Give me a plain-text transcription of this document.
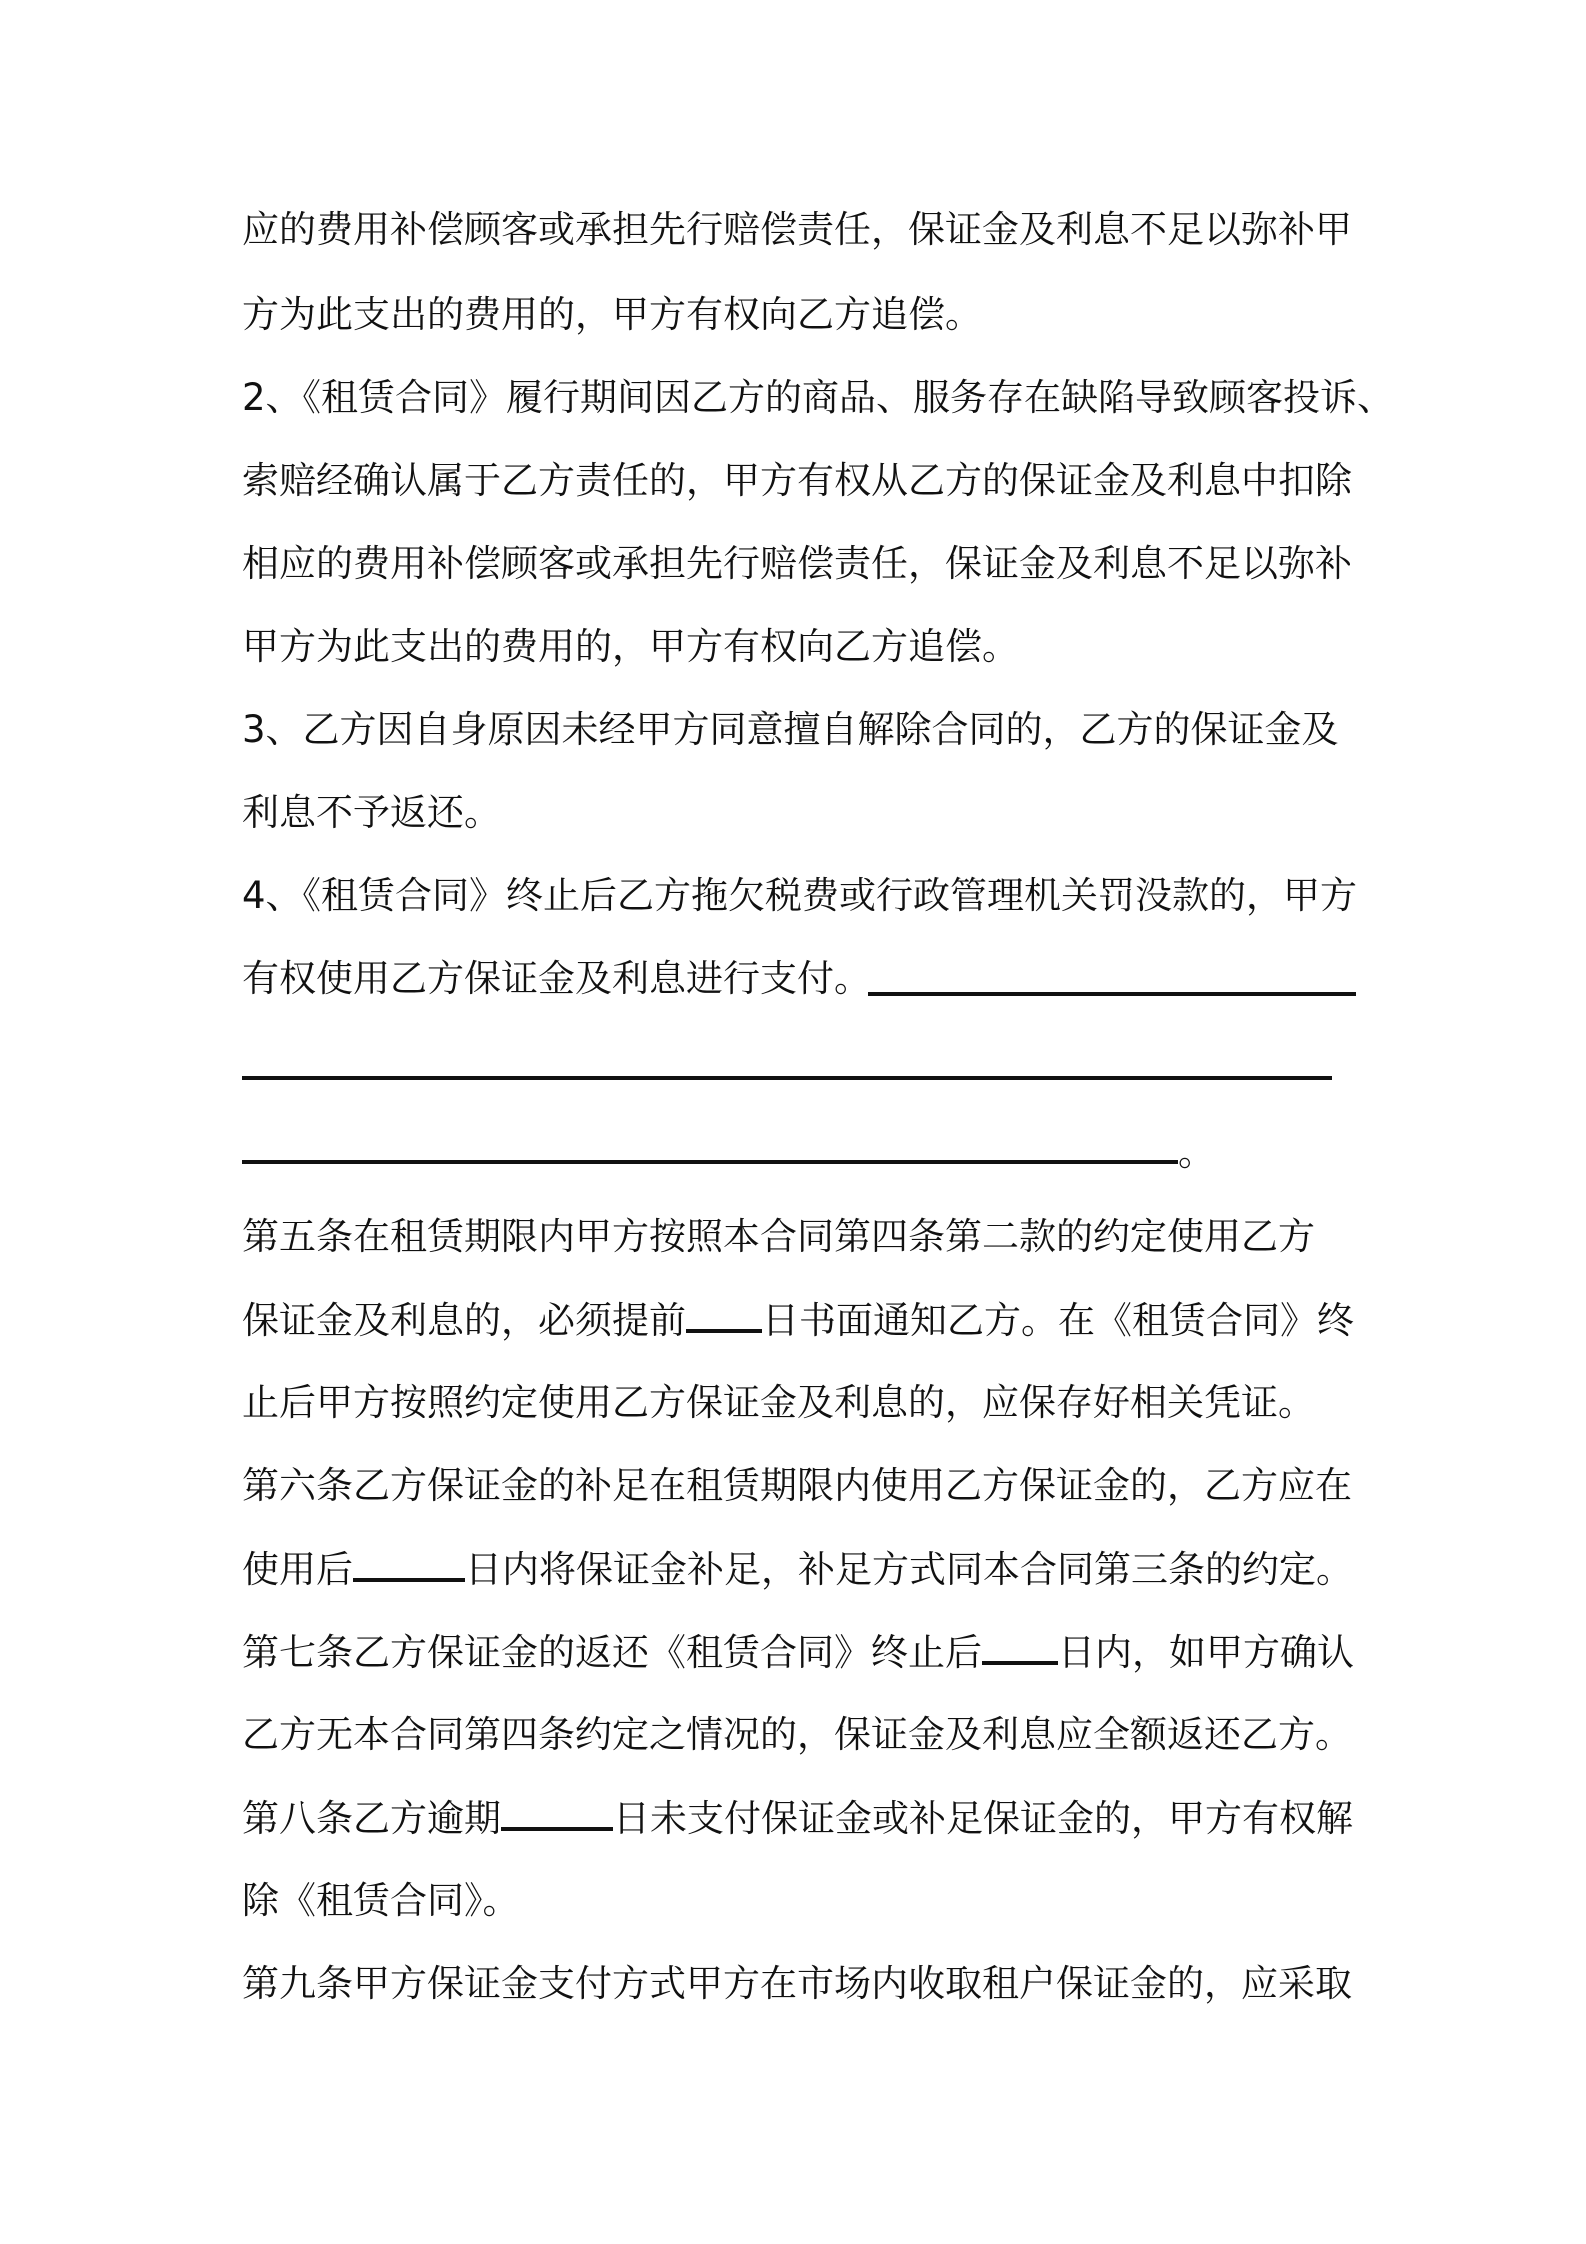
应的费用补偿顾客或承担先行赔偿责任，保证金及利息不足以弥补甲
方为此支出的费用的，甲方有权向乙方追偿。
2、《租赁合同》履行期间因乙方的商品、服务存在缺陷导致顾客投诉、
索赔经确认属于乙方责任的，甲方有权从乙方的保证金及利息中扣除
相应的费用补偿顾客或承担先行赔偿责任，保证金及利息不足以弥补
甲方为此支出的费用的，甲方有权向乙方追偿。
3、乙方因自身原因未经甲方同意擅自解除合同的，乙方的保证金及
利息不予返还。
4、《租赁合同》终止后乙方拖欠税费或行政管理机关罚没款的，甲方
有权使用乙方保证金及利息进行支付。
。
第五条在租赁期限内甲方按照本合同第四条第二款的约定使用乙方
保证金及利息的，必须提前 日书面通知乙方。在《租赁合同》终
止后甲方按照约定使用乙方保证金及利息的，应保存好相关凭证。
第六条乙方保证金的补足在租赁期限内使用乙方保证金的，乙方应在
使用后	日内将保证金补足，补足方式同本合同第三条的约定。
第七条乙方保证金的返还《租赁合同》终止后 日内，如甲方确认
乙方无本合同第四条约定之情况的，保证金及利息应全额返还乙方。
第八条乙方逾期	日未支付保证金或补足保证金的，甲方有权解
除《租赁合同》。
第九条甲方保证金支付方式甲方在市场内收取租户保证金的，应采取
